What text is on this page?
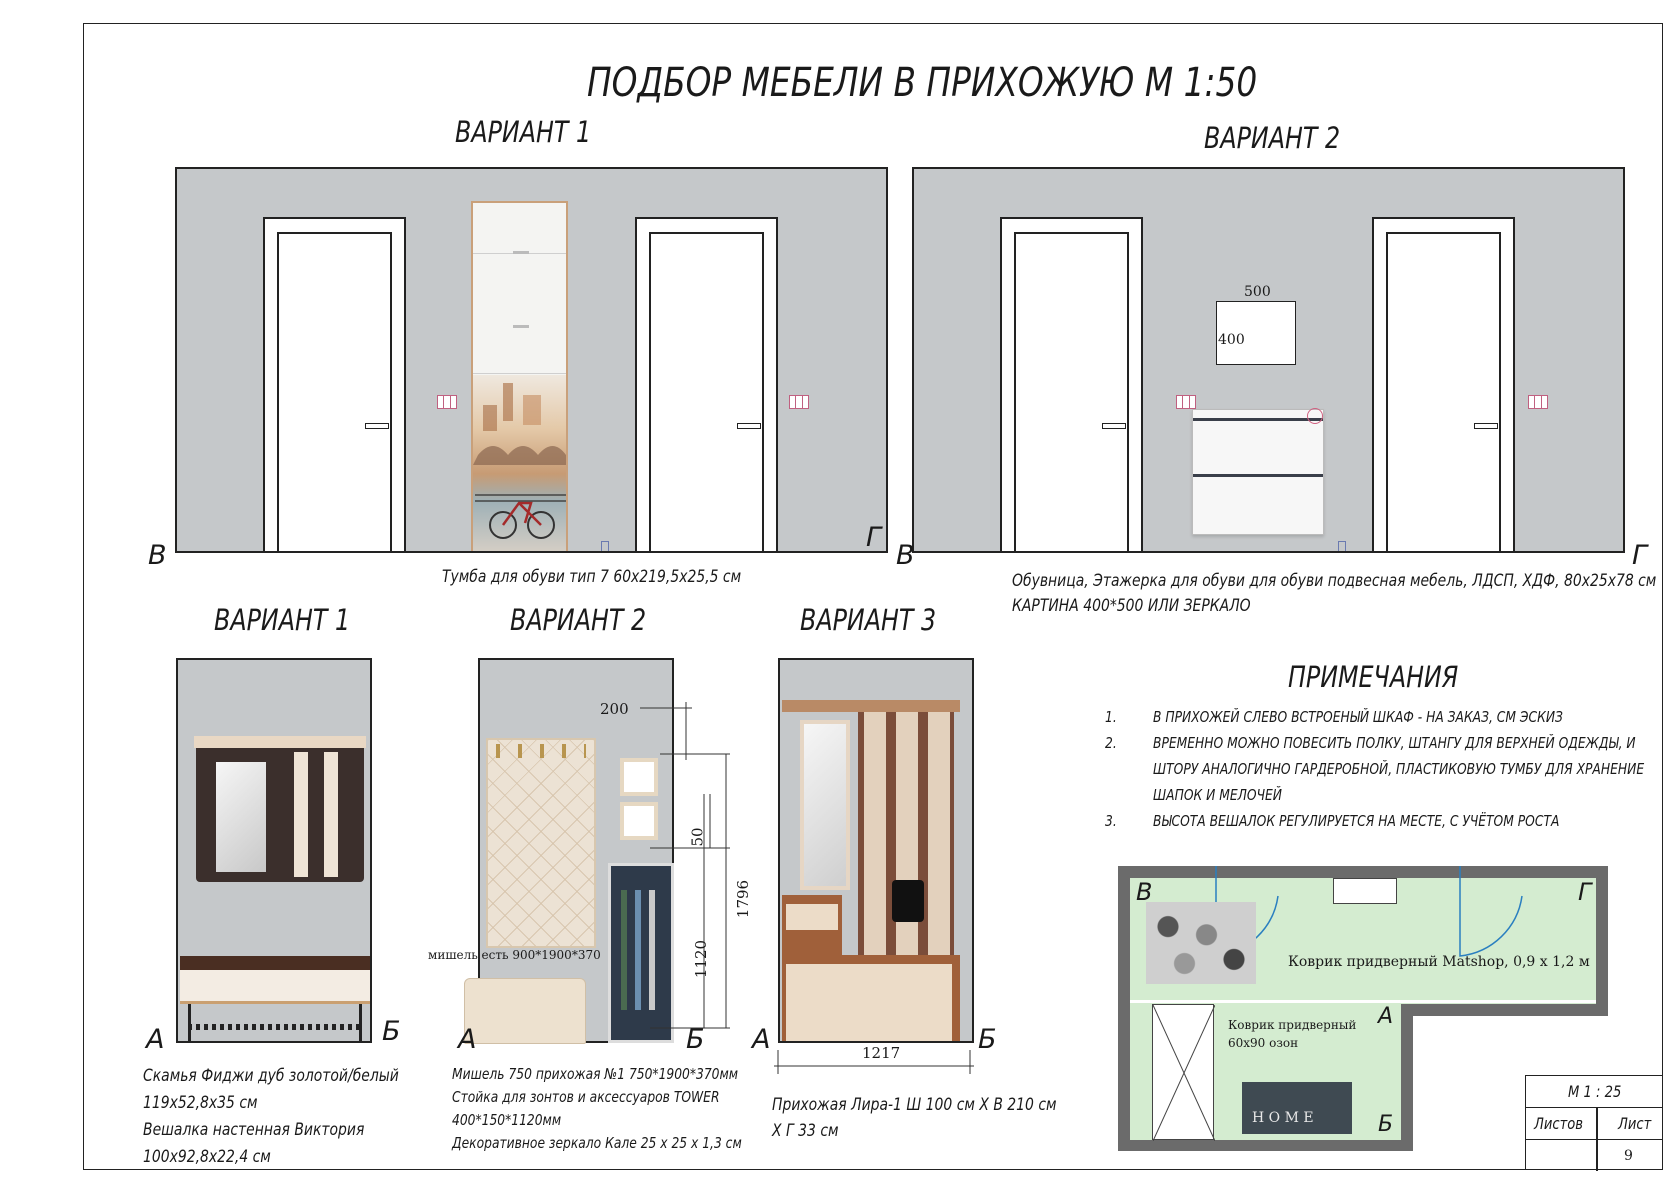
ПОДБОР МЕБЕЛИ В ПРИХОЖУЮ М 1:50
ВАРИАНТ 1
В
Г
Тумба для обуви тип 7 60х219,5х25,5 см
ВАРИАНТ 2
500
400
В	Г
Обувница, Этажерка для обуви для обуви подвесная мебель, ЛДСП, ХДФ, 80х25х78 см
КАРТИНА 400*500 ИЛИ ЗЕРКАЛО
ВАРИАНТ 1
А	Б
Скамья Фиджи дуб золотой/белый
119х52,8х35 см
Вешалка настенная Виктория
100х92,8х22,4 см
ВАРИАНТ 2
200
50
1120
1796
мишель есть 900*1900*370
А	Б
Мишель 750 прихожая №1 750*1900*370мм
Стойка для зонтов и аксессуаров TOWER
400*150*1120мм
Декоративное зеркало Кале 25 х 25 х 1,3 см
ВАРИАНТ 3
1217
А	Б
Прихожая Лира-1 Ш 100 см Х В 210 см
Х Г 33 см
ПРИМЕЧАНИЯ
1.	В ПРИХОЖЕЙ СЛЕВО ВСТРОЕНЫЙ ШКАФ - НА ЗАКАЗ, СМ ЭСКИЗ
2.	ВРЕМЕННО МОЖНО ПОВЕСИТЬ ПОЛКУ, ШТАНГУ ДЛЯ ВЕРХНЕЙ ОДЕЖДЫ, И
ШТОРУ АНАЛОГИЧНО ГАРДЕРОБНОЙ, ПЛАСТИКОВУЮ ТУМБУ ДЛЯ ХРАНЕНИЕ
ШАПОК И МЕЛОЧЕЙ
3.	ВЫСОТА ВЕШАЛОК РЕГУЛИРУЕТСЯ НА МЕСТЕ, С УЧЁТОМ РОСТА
H O M E
В	Г
А
Б
Коврик придверный Matshop, 0,9 х 1,2 м
Коврик придверный
60х90 озон
М 1 : 25
Листов Лист
9
